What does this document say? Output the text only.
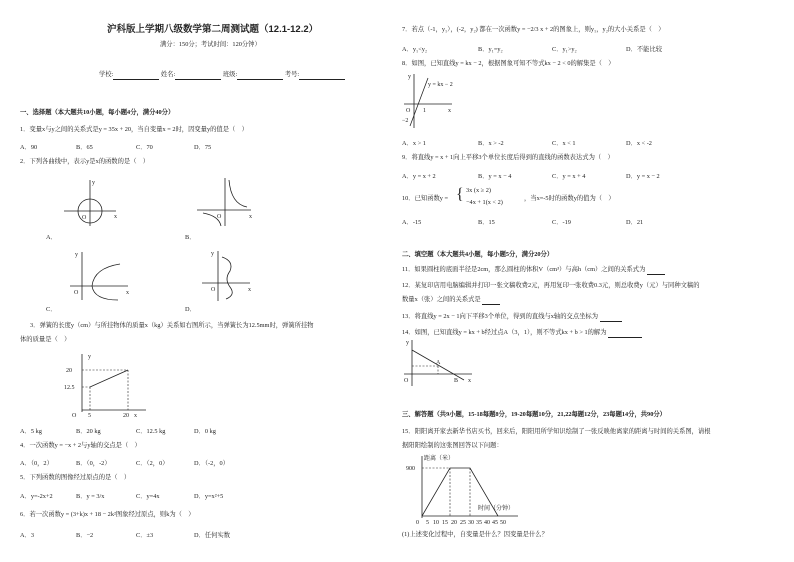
沪科版上学期八级数学第二周测试题（12.1-12.2）
满分：150分；考试时间：120分钟）
学校:	姓名:	班级:	考号:
一、选择题（本大题共10小题，每小题4分，满分40分）
1．变量x与y之间的关系式是y = 35x + 20，当自变量x = 2时，因变量y的值是（　）
A．90	B．65	C．70	D．75
2．下列各曲线中，表示y是x的函数的是（　）
x
y
O
A．
x
O
B．
x
y
O
C．
x
y
O
D．
3．弹簧的长度y（cm）与所挂物体的质量x（kg）关系如右图所示，当弹簧长为12.5mm时，弹簧所挂物
体的质量是（　）
y
20
12.5
5	20 x
O
A．5 kg	B．20 kg	C．12.5 kg	D．0 kg
4．一次函数y = −x + 2与y轴的交点是（　）
A．（0，2）	B．（0，-2）	C．（2，0）	D．（-2，0）
5．下列函数的图像经过原点的是（　）
A．y=-2x+2	B．y = 3/x	C．y=4x	D．y=x²+5
6．若一次函数y = (3+k)x + 18 − 2k²图象经过原点，则k为（　）
A．3	B．−2	C．±3	D．任何实数
7．若点（-1，y₁），(-2，y₂) 都在一次函数y = −2/3 x + 2的图象上，则y₁，y₂的大小关系是（　）
A．y₁<y₂	B．y₁=y₂	C．y₁>y₂	D．不能比较
8．如图，已知直线y = kx − 2，根据图象可知不等式kx − 2 < 0的解集是（　）
y
y = kx − 2
x
1
−2
O
A．x > 1	B．x > -2	C．x < 1	D．x < -2
9．将直线y = x + 1向上平移3个单位长度后得到的直线的函数表达式为（　）
A．y = x + 2	B．y = x − 4	C．y = x + 4	D．y = x − 2
10．已知函数y = { 3x (x ≥ 2)
−4x + 1(x < 2)
，当x=-5时的函数y的值为（　）
A．-15	B．15	C．-19	D．21
二、填空题（本大题共4小题，每小题5分，满分20分）
11．如果圆柱的底面半径是2cm，那么圆柱的体积V（cm³）与高h（cm）之间的关系式为
12．某复印店用电脑编辑并打印一张文稿收费2元，再用复印一张收费0.3元，则总收费y（元）与同种文稿的
数量x（张）之间的关系式是
13．将直线y = 2x − 1向下平移3个单位，得到的直线与x轴的交点坐标为
14．如图，已知直线y = kx + b经过点A（3，1），则不等式kx + b > 1的解为
y
A
B x
O
三、解答题（共9小题，15-18每题8分，19-20每题10分，21,22每题12分，23每题14分，共90分）
15．阳阳离开家去新华书店买书，回来后，阳阳用所学知识绘制了一张反映他离家的距离与时间的关系图，请根
据阳阳绘制的这张图回答以下问题：
距离（米）
900
时间（分钟）
0 5 10 15 20 25 30 35 40 45 50
(1)上述变化过程中，自变量是什么？因变量是什么？
